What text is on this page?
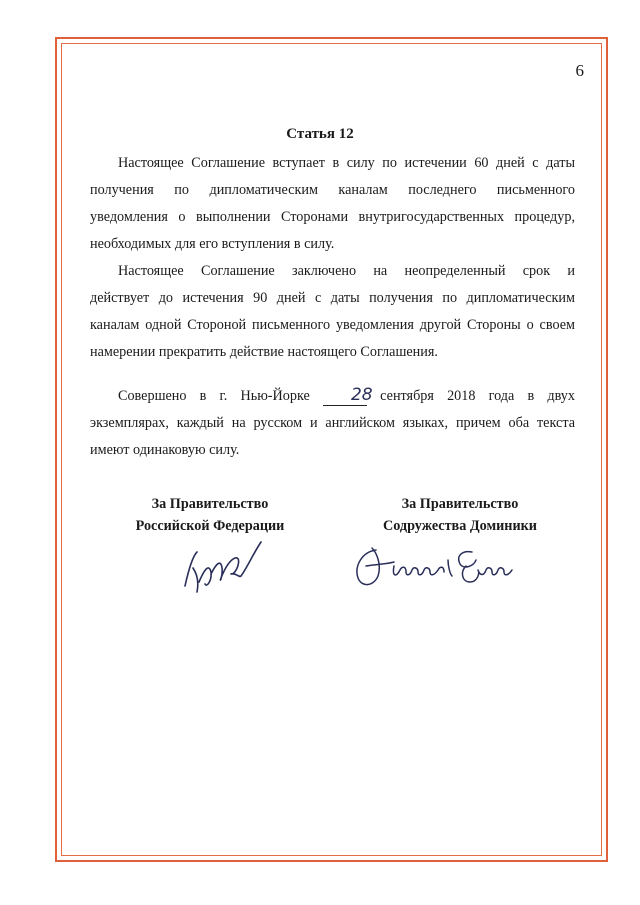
6
Статья 12
Настоящее Соглашение вступает в силу по истечении 60 дней с даты
получения по дипломатическим каналам последнего письменного
уведомления о выполнении Сторонами внутригосударственных процедур,
необходимых для его вступления в силу.
Настоящее Соглашение заключено на неопределенный срок и
действует до истечения 90 дней с даты получения по дипломатическим
каналам одной Стороной письменного уведомления другой Стороны о своем
намерении прекратить действие настоящего Соглашения.
Совершено в г. Нью-Йорке 28 сентября 2018 года в двух
экземплярах, каждый на русском и английском языках, причем оба текста
имеют одинаковую силу.
За Правительство
Российской Федерации
За Правительство
Содружества Доминики
